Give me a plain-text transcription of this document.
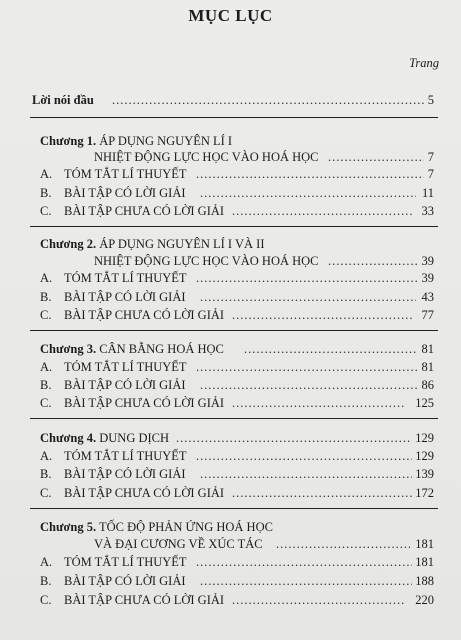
MỤC LỤC
Trang
Lời nói đầu .....	5
Chương 1. ÁP DỤNG NGUYÊN LÍ I
NHIỆT ĐỘNG LỰC HỌC VÀO HOÁ HỌC .....	7
A. TÓM TẮT LÍ THUYẾT .....	7
B. BÀI TẬP CÓ LỜI GIẢI .....	11
C. BÀI TẬP CHƯA CÓ LỜI GIẢI .....	33
Chương 2. ÁP DỤNG NGUYÊN LÍ I VÀ II
NHIỆT ĐỘNG LỰC HỌC VÀO HOÁ HỌC .....	39
A. TÓM TẮT LÍ THUYẾT .....	39
B. BÀI TẬP CÓ LỜI GIẢI .....	43
C. BÀI TẬP CHƯA CÓ LỜI GIẢI .....	77
Chương 3. CÂN BẰNG HOÁ HỌC .....	81
A. TÓM TẮT LÍ THUYẾT .....	81
B. BÀI TẬP CÓ LỜI GIẢI .....	86
C. BÀI TẬP CHƯA CÓ LỜI GIẢI .....	125
Chương 4. DUNG DỊCH .....	129
A. TÓM TẮT LÍ THUYẾT .....	129
B. BÀI TẬP CÓ LỜI GIẢI .....	139
C. BÀI TẬP CHƯA CÓ LỜI GIẢI .....	172
Chương 5. TỐC ĐỘ PHẢN ỨNG HOÁ HỌC
VÀ ĐẠI CƯƠNG VỀ XÚC TÁC .....	181
A. TÓM TẮT LÍ THUYẾT .....	181
B. BÀI TẬP CÓ LỜI GIẢI .....	188
C. BÀI TẬP CHƯA CÓ LỜI GIẢI .....	220
